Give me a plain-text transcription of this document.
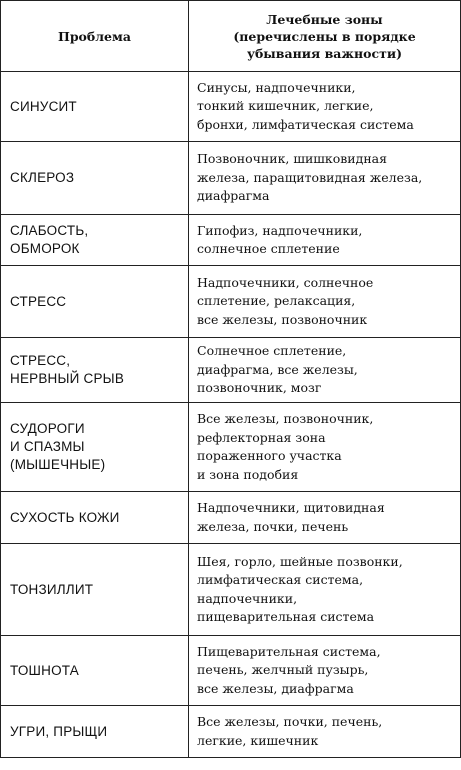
Проблема	Лечебные зоны
(перечислены в порядке
убывания важности)

СИНУСИТ	Синусы, надпочечники,
тонкий кишечник, легкие,
бронхи, лимфатическая система

СКЛЕРОЗ	Позвоночник, шишковидная
железа, паращитовидная железа,
диафрагма

СЛАБОСТЬ,
ОБМОРОК	Гипофиз, надпочечники,
солнечное сплетение

СТРЕСС	Надпочечники, солнечное
сплетение, релаксация,
все железы, позвоночник

СТРЕСС,
НЕРВНЫЙ СРЫВ	Солнечное сплетение,
диафрагма, все железы,
позвоночник, мозг

СУДОРОГИ
И СПАЗМЫ
(МЫШЕЧНЫЕ)	Все железы, позвоночник,
рефлекторная зона
пораженного участка
и зона подобия

СУХОСТЬ КОЖИ	Надпочечники, щитовидная
железа, почки, печень

ТОНЗИЛЛИТ	Шея, горло, шейные позвонки,
лимфатическая система,
надпочечники,
пищеварительная система

ТОШНОТА	Пищеварительная система,
печень, желчный пузырь,
все железы, диафрагма

УГРИ, ПРЫЩИ	Все железы, почки, печень,
легкие, кишечник
